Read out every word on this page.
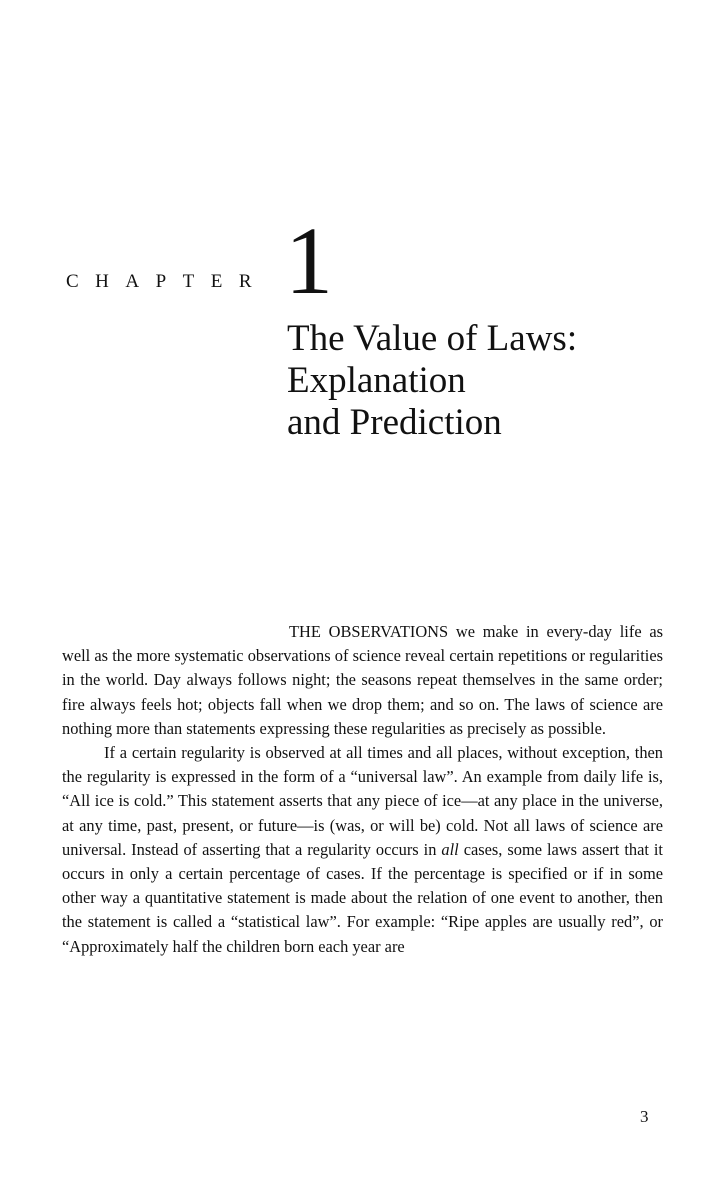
CHAPTER 1
The Value of Laws:
Explanation
and Prediction

THE OBSERVATIONS we make in every-day life as well as the more systematic observations of science reveal certain repetitions or regularities in the world. Day always follows night; the seasons repeat themselves in the same order; fire always feels hot; objects fall when we drop them; and so on. The laws of science are nothing more than statements expressing these regularities as precisely as possible.

If a certain regularity is observed at all times and all places, without exception, then the regularity is expressed in the form of a “universal law”. An example from daily life is, “All ice is cold.” This statement asserts that any piece of ice—at any place in the universe, at any time, past, present, or future—is (was, or will be) cold. Not all laws of science are universal. Instead of asserting that a regularity occurs in all cases, some laws assert that it occurs in only a certain percentage of cases. If the percentage is specified or if in some other way a quantitative statement is made about the relation of one event to another, then the statement is called a “statistical law”. For example: “Ripe apples are usually red”, or “Approximately half the children born each year are

3
